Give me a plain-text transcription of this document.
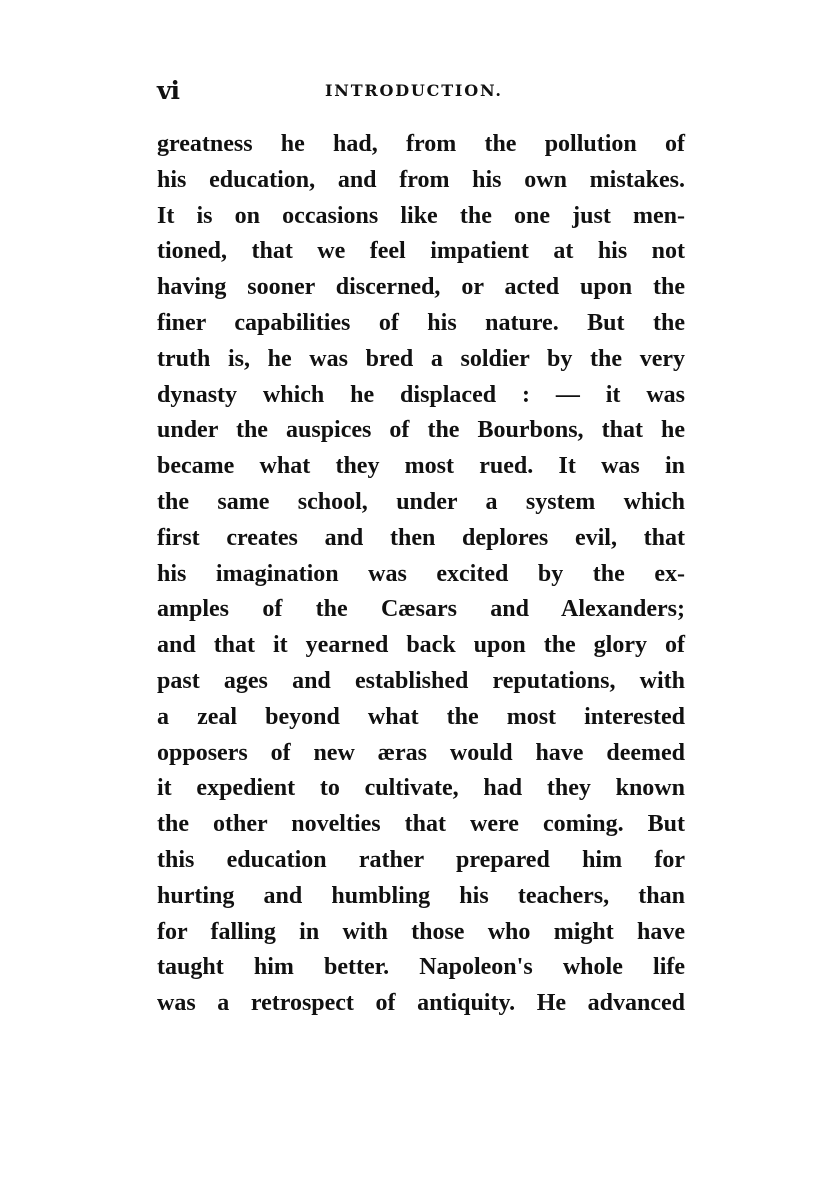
vi	INTRODUCTION.
greatness he had, from the pollution of
his education, and from his own mistakes.
It is on occasions like the one just men-
tioned, that we feel impatient at his not
having sooner discerned, or acted upon the
finer capabilities of his nature. But the
truth is, he was bred a soldier by the very
dynasty which he displaced : — it was
under the auspices of the Bourbons, that he
became what they most rued. It was in
the same school, under a system which
first creates and then deplores evil, that
his imagination was excited by the ex-
amples of the Cæsars and Alexanders;
and that it yearned back upon the glory of
past ages and established reputations, with
a zeal beyond what the most interested
opposers of new æras would have deemed
it expedient to cultivate, had they known
the other novelties that were coming. But
this education rather prepared him for
hurting and humbling his teachers, than
for falling in with those who might have
taught him better. Napoleon's whole life
was a retrospect of antiquity. He advanced
